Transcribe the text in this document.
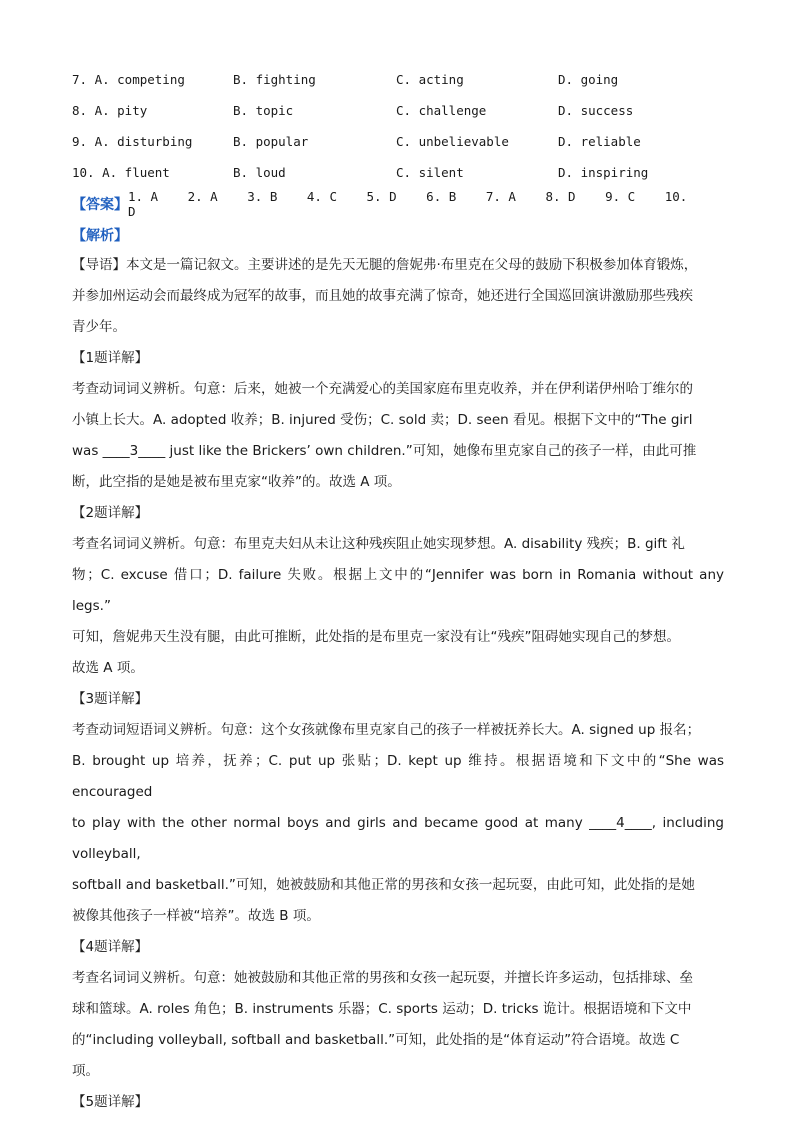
7. A. competing	B. fighting	C. acting	D. going
8. A. pity	B. topic	C. challenge	D. success
9. A. disturbing	B. popular	C. unbelievable	D. reliable
10. A. fluent	B. loud	C. silent	D. inspiring
【答案】
1. A 2. A 3. B 4. C 5. D 6. B 7. A 8. D 9. C 10. D
【解析】

【导语】本文是一篇记叙文。主要讲述的是先天无腿的詹妮弗·布里克在父母的鼓励下积极参加体育锻炼，

并参加州运动会而最终成为冠军的故事，而且她的故事充满了惊奇，她还进行全国巡回演讲激励那些残疾

青少年。

【1题详解】

考查动词词义辨析。句意：后来，她被一个充满爱心的美国家庭布里克收养，并在伊利诺伊州哈丁维尔的

小镇上长大。A. adopted 收养；B. injured 受伤；C. sold 卖；D. seen 看见。根据下文中的“The girl

was ____3____ just like the Brickers’ own children.”可知，她像布里克家自己的孩子一样，由此可推

断，此空指的是她是被布里克家“收养”的。故选 A 项。

【2题详解】

考查名词词义辨析。句意：布里克夫妇从未让这种残疾阻止她实现梦想。A. disability 残疾；B. gift 礼

物；C. excuse 借口；D. failure 失败。根据上文中的“Jennifer was born in Romania without any legs.”

可知，詹妮弗天生没有腿，由此可推断，此处指的是布里克一家没有让“残疾”阻碍她实现自己的梦想。

故选 A 项。

【3题详解】

考查动词短语词义辨析。句意：这个女孩就像布里克家自己的孩子一样被抚养长大。A. signed up 报名；

B. brought up 培养，抚养；C. put up 张贴；D. kept up 维持。根据语境和下文中的“She was encouraged

to play with the other normal boys and girls and became good at many ____4____, including volleyball,

softball and basketball.”可知，她被鼓励和其他正常的男孩和女孩一起玩耍，由此可知，此处指的是她

被像其他孩子一样被“培养”。故选 B 项。

【4题详解】

考查名词词义辨析。句意：她被鼓励和其他正常的男孩和女孩一起玩耍，并擅长许多运动，包括排球、垒

球和篮球。A. roles 角色；B. instruments 乐器；C. sports 运动；D. tricks 诡计。根据语境和下文中

的“including volleyball, softball and basketball.”可知，此处指的是“体育运动”符合语境。故选 C

项。

【5题详解】
